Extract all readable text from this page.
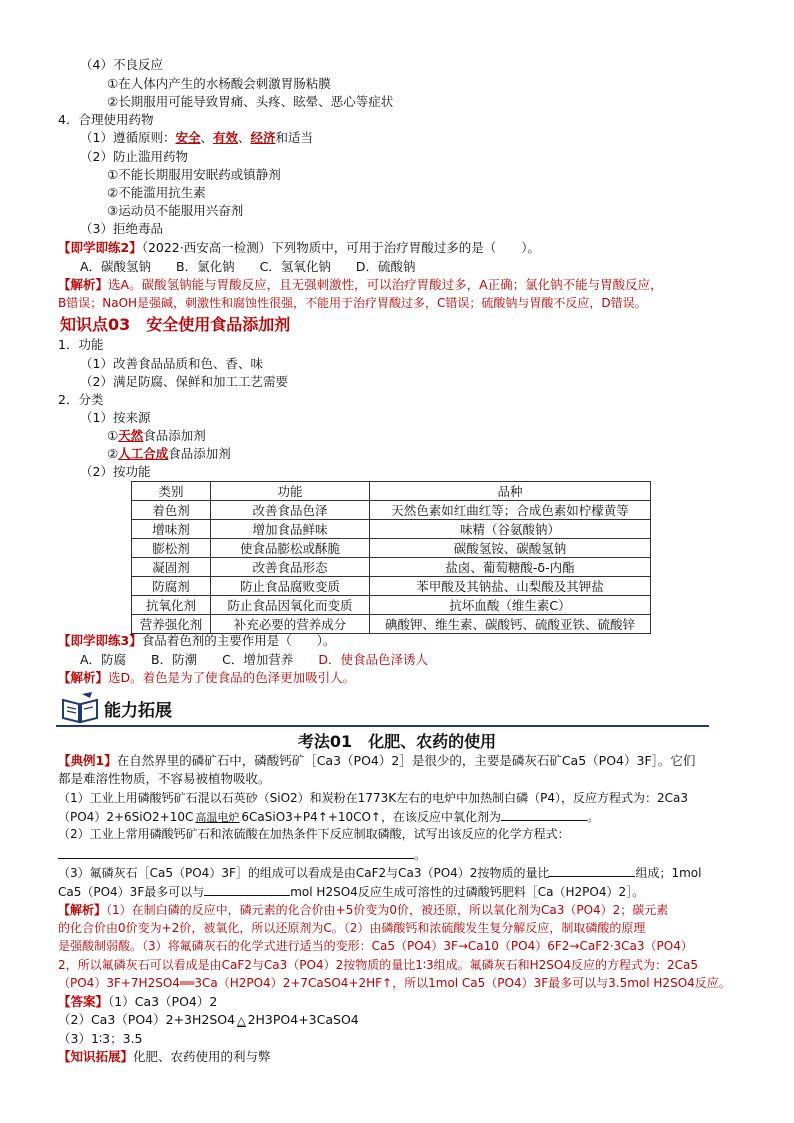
（4）不良反应
①在人体内产生的水杨酸会刺激胃肠粘膜
②长期服用可能导致胃痛、头疼、眩晕、恶心等症状
4．合理使用药物
（1）遵循原则：安全、有效、经济和适当
（2）防止滥用药物
①不能长期服用安眠药或镇静剂
②不能滥用抗生素
③运动员不能服用兴奋剂
（3）拒绝毒品
【即学即练2】（2022·西安高一检测）下列物质中，可用于治疗胃酸过多的是（　　）。
A．碳酸氢钠　　B．氯化钠　　C．氢氧化钠　　D．硫酸钠
【解析】选A。碳酸氢钠能与胃酸反应，且无强刺激性，可以治疗胃酸过多，A正确；氯化钠不能与胃酸反应，
B错误；NaOH是强碱，刺激性和腐蚀性很强，不能用于治疗胃酸过多，C错误；硫酸钠与胃酸不反应，D错误。
知识点03　安全使用食品添加剂
1．功能
（1）改善食品品质和色、香、味
（2）满足防腐、保鲜和加工工艺需要
2．分类
（1）按来源
①天然食品添加剂
②人工合成食品添加剂
（2）按功能
类别	功能	品种
着色剂	改善食品色泽	天然色素如红曲红等；合成色素如柠檬黄等
增味剂	增加食品鲜味	味精（谷氨酸钠）
膨松剂	使食品膨松或酥脆	碳酸氢铵、碳酸氢钠
凝固剂	改善食品形态	盐卤、葡萄糖酸-δ-内酯
防腐剂	防止食品腐败变质	苯甲酸及其钠盐、山梨酸及其钾盐
抗氧化剂	防止食品因氧化而变质	抗坏血酸（维生素C）
营养强化剂	补充必要的营养成分	碘酸钾、维生素、碳酸钙、硫酸亚铁、硫酸锌
【即学即练3】食品着色剂的主要作用是（　　）。
A．防腐　　B．防潮　　C．增加营养　　D．使食品色泽诱人
【解析】选D。着色是为了使食品的色泽更加吸引人。
能力拓展
考法01　化肥、农药的使用
【典例1】在自然界里的磷矿石中，磷酸钙矿［Ca3（PO4）2］是很少的，主要是磷灰石矿Ca5（PO4）3F］。它们
都是难溶性物质，不容易被植物吸收。
（1）工业上用磷酸钙矿石混以石英砂（SiO2）和炭粉在1773K左右的电炉中加热制白磷（P4），反应方程式为：2Ca3
（PO4）2+6SiO2+10C 高温电炉 6CaSiO3+P4↑+10CO↑，在该反应中氧化剂为	。
（2）工业上常用磷酸钙矿石和浓硫酸在加热条件下反应制取磷酸，试写出该反应的化学方程式：
。
（3）氟磷灰石［Ca5（PO4）3F］的组成可以看成是由CaF2与Ca3（PO4）2按物质的量比	组成；1mol
Ca5（PO4）3F最多可以与	mol H2SO4反应生成可溶性的过磷酸钙肥料［Ca（H2PO4）2］。
【解析】（1）在制白磷的反应中，磷元素的化合价由+5价变为0价，被还原，所以氧化剂为Ca3（PO4）2；碳元素
的化合价由0价变为+2价，被氧化，所以还原剂为C。（2）由磷酸钙和浓硫酸发生复分解反应，制取磷酸的原理
是强酸制弱酸。（3）将氟磷灰石的化学式进行适当的变形：Ca5（PO4）3F→Ca10（PO4）6F2→CaF2·3Ca3（PO4）
2，所以氟磷灰石可以看成是由CaF2与Ca3（PO4）2按物质的量比1∶3组成。氟磷灰石和H2SO4反应的方程式为：2Ca5
（PO4）3F+7H2SO4══3Ca（H2PO4）2+7CaSO4+2HF↑，所以1mol Ca5（PO4）3F最多可以与3.5mol H2SO4反应。
【答案】（1）Ca3（PO4）2
（2）Ca3（PO4）2+3H2SO4 △ 2H3PO4+3CaSO4
（3）1∶3；3.5
【知识拓展】化肥、农药使用的利与弊
